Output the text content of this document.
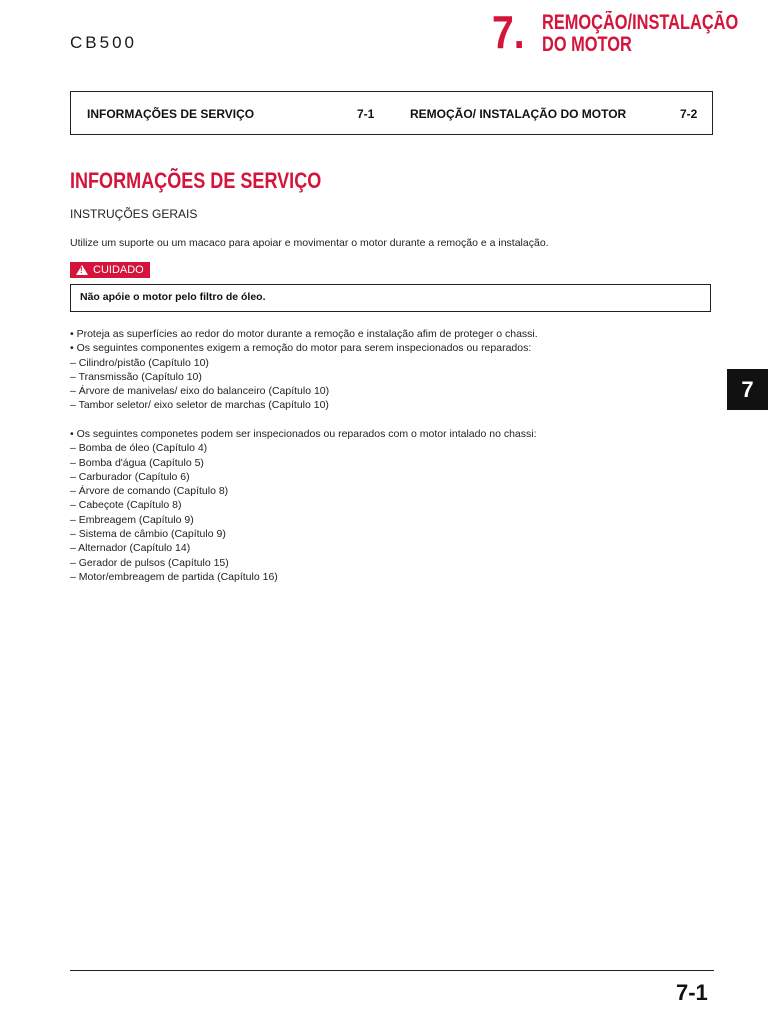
CB500	7. REMOÇÃO/INSTALAÇÃO
DO MOTOR
INFORMAÇÕES DE SERVIÇO	7-1	REMOÇÃO/ INSTALAÇÃO DO MOTOR	7-2
INFORMAÇÕES DE SERVIÇO
INSTRUÇÕES GERAIS
Utilize um suporte ou um macaco para apoiar e movimentar o motor durante a remoção e a instalação.
!
CUIDADO
Não apóie o motor pelo filtro de óleo.
• Proteja as superfícies ao redor do motor durante a remoção e instalação afim de proteger o chassi.
• Os seguintes componentes exigem a remoção do motor para serem inspecionados ou reparados:
– Cilindro/pistão (Capítulo 10)
– Transmissão (Capítulo 10)
– Árvore de manivelas/ eixo do balanceiro (Capítulo 10)
– Tambor seletor/ eixo seletor de marchas (Capítulo 10)
• Os seguintes componetes podem ser inspecionados ou reparados com o motor intalado no chassi:
– Bomba de óleo (Capítulo 4)
– Bomba d'água (Capítulo 5)
– Carburador (Capítulo 6)
– Árvore de comando (Capítulo 8)
– Cabeçote (Capítulo 8)
– Embreagem (Capítulo 9)
– Sistema de câmbio (Capítulo 9)
– Alternador (Capítulo 14)
– Gerador de pulsos (Capítulo 15)
– Motor/embreagem de partida (Capítulo 16)
7
7-1
